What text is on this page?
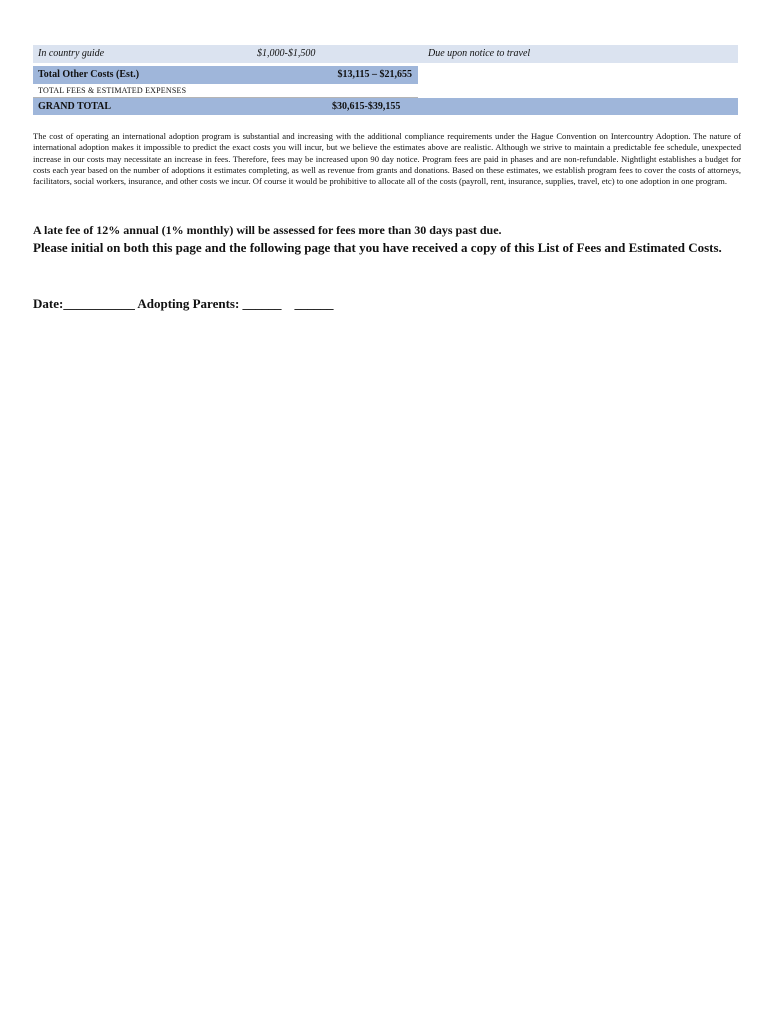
In country guide	$1,000-$1,500	Due upon notice to travel
Total Other Costs (Est.)	$13,115 – $21,655
TOTAL FEES & ESTIMATED EXPENSES
GRAND TOTAL	$30,615-$39,155

The cost of operating an international adoption program is substantial and increasing with the additional compliance requirements under the Hague Convention on Intercountry Adoption. The nature of international adoption makes it impossible to predict the exact costs you will incur, but we believe the estimates above are realistic. Although we strive to maintain a predictable fee schedule, unexpected increase in our costs may necessitate an increase in fees. Therefore, fees may be increased upon 90 day notice. Program fees are paid in phases and are non-refundable. Nightlight establishes a budget for costs each year based on the number of adoptions it estimates completing, as well as revenue from grants and donations. Based on these estimates, we establish program fees to cover the costs of attorneys, facilitators, social workers, insurance, and other costs we incur. Of course it would be prohibitive to allocate all of the costs (payroll, rent, insurance, supplies, travel, etc) to one adoption in one program.

A late fee of 12% annual (1% monthly) will be assessed for fees more than 30 days past due.

Please initial on both this page and the following page that you have received a copy of this List of Fees and Estimated Costs.

Date:___________ Adopting Parents: ______    ______
